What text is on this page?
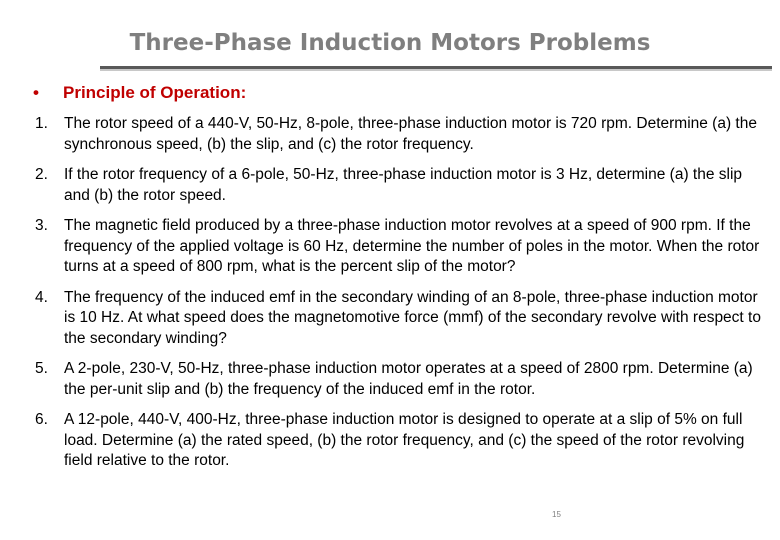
Three-Phase Induction Motors Problems
• Principle of Operation:
1. The rotor speed of a 440-V, 50-Hz, 8-pole, three-phase induction motor is 720 rpm. Determine (a) the synchronous speed, (b) the slip, and (c) the rotor frequency.
2. If the rotor frequency of a 6-pole, 50-Hz, three-phase induction motor is 3 Hz, determine (a) the slip and (b) the rotor speed.
3. The magnetic field produced by a three-phase induction motor revolves at a speed of 900 rpm. If the frequency of the applied voltage is 60 Hz, determine the number of poles in the motor. When the rotor turns at a speed of 800 rpm, what is the percent slip of the motor?
4. The frequency of the induced emf in the secondary winding of an 8-pole, three-phase induction motor is 10 Hz. At what speed does the magnetomotive force (mmf) of the secondary revolve with respect to the secondary winding?
5. A 2-pole, 230-V, 50-Hz, three-phase induction motor operates at a speed of 2800 rpm. Determine (a) the per-unit slip and (b) the frequency of the induced emf in the rotor.
6. A 12-pole, 440-V, 400-Hz, three-phase induction motor is designed to operate at a slip of 5% on full load. Determine (a) the rated speed, (b) the rotor frequency, and (c) the speed of the rotor revolving field relative to the rotor.
15
